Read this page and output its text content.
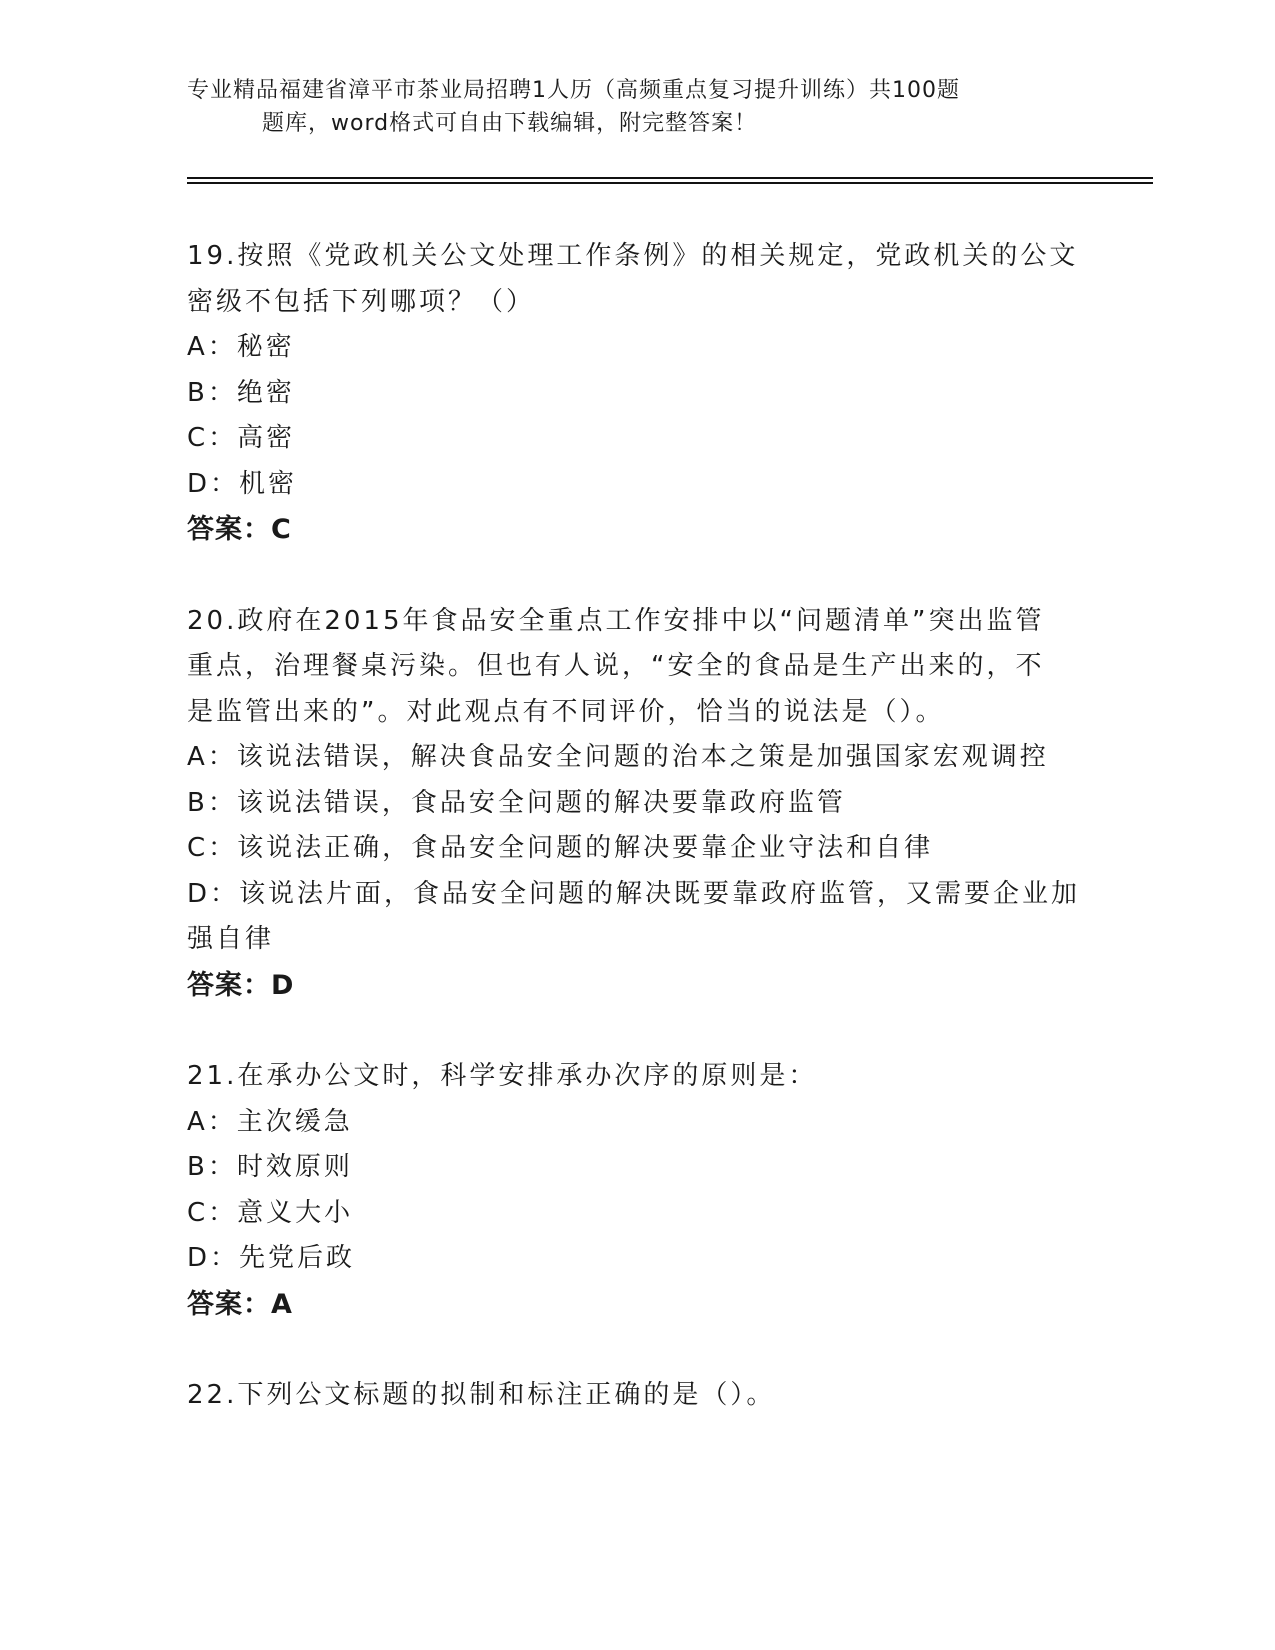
专业精品福建省漳平市茶业局招聘1人历（高频重点复习提升训练）共100题
题库，word格式可自由下载编辑，附完整答案！
19.按照《党政机关公文处理工作条例》的相关规定，党政机关的公文
密级不包括下列哪项？（）
A：秘密
B：绝密
C：高密
D：机密
答案：C
20.政府在2015年食品安全重点工作安排中以“问题清单”突出监管
重点，治理餐桌污染。但也有人说，“安全的食品是生产出来的，不
是监管出来的”。对此观点有不同评价，恰当的说法是（）。
A：该说法错误，解决食品安全问题的治本之策是加强国家宏观调控
B：该说法错误，食品安全问题的解决要靠政府监管
C：该说法正确，食品安全问题的解决要靠企业守法和自律
D：该说法片面，食品安全问题的解决既要靠政府监管，又需要企业加
强自律
答案：D
21.在承办公文时，科学安排承办次序的原则是：
A：主次缓急
B：时效原则
C：意义大小
D：先党后政
答案：A
22.下列公文标题的拟制和标注正确的是（）。
